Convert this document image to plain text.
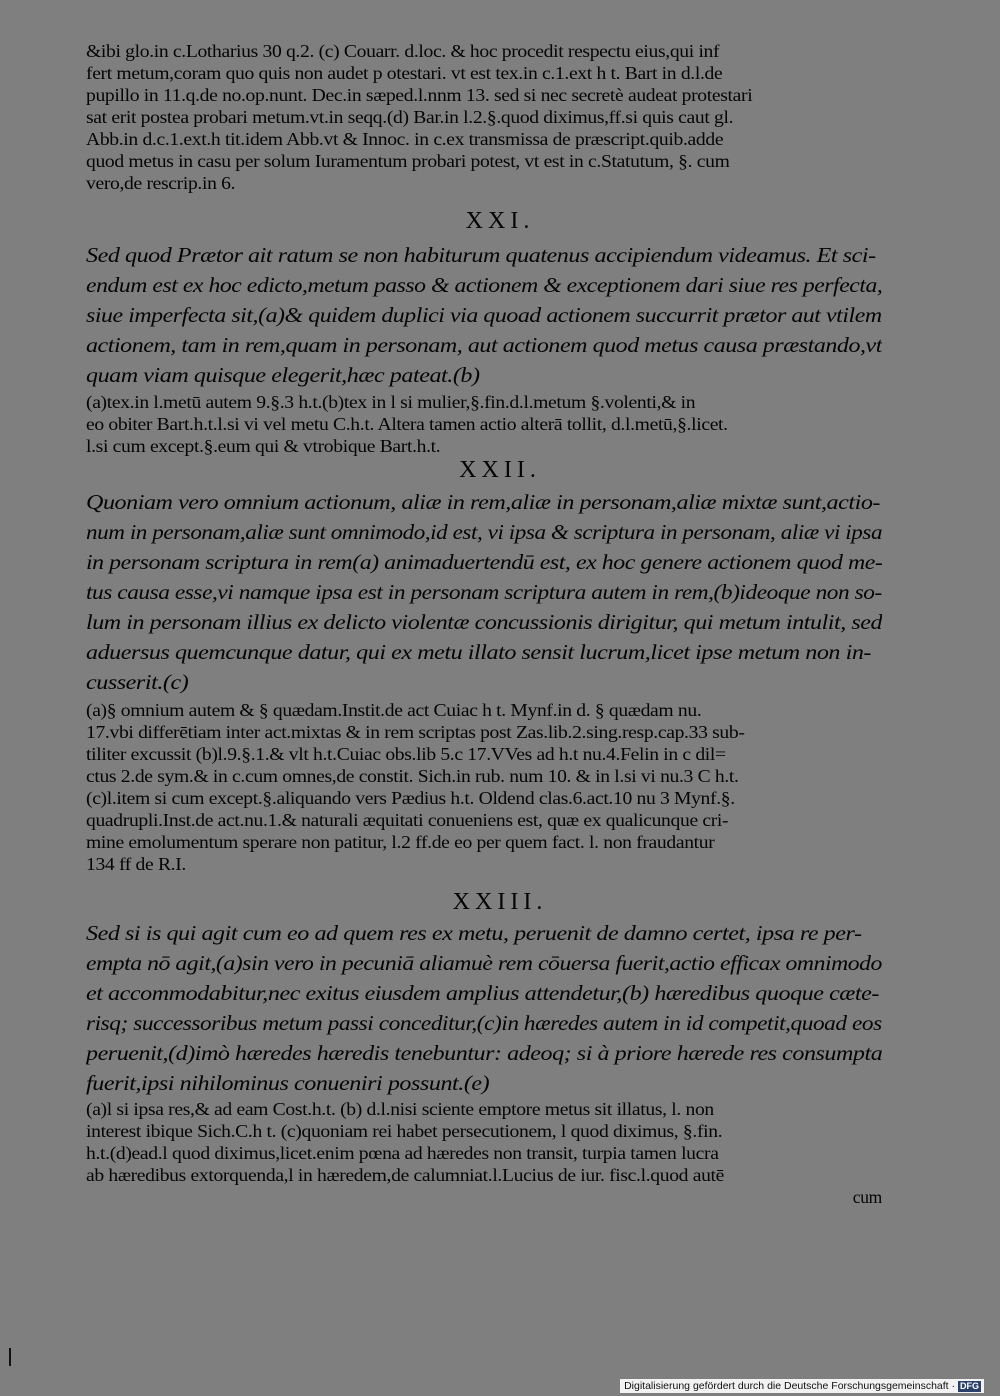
&ibi glo.in c.Lotharius 30 q.2. (c) Couarr. d.loc. & hoc procedit respectu eius,qui inf
fert metum,coram quo quis non audet p otestari. vt est tex.in c.1.ext h t. Bart in d.l.de
pupillo in 11.q.de no.op.nunt. Dec.in sæped.l.nnm 13. sed si nec secretè audeat protestari
sat erit postea probari metum.vt.in seqq.(d) Bar.in l.2.§.quod diximus,ff.si quis caut gl.
Abb.in d.c.1.ext.h tit.idem Abb.vt & Innoc. in c.ex transmissa de præscript.quib.adde
quod metus in casu per solum Iuramentum probari potest, vt est in c.Statutum, §. cum
vero,de rescrip.in 6.
XXI.
Sed quod Prætor ait ratum se non habiturum quatenus accipiendum videamus. Et sci-
endum est ex hoc edicto,metum passo & actionem & exceptionem dari siue res perfecta,
siue imperfecta sit,(a)& quidem duplici via quoad actionem succurrit prætor aut vtilem
actionem, tam in rem,quam in personam, aut actionem quod metus causa præstando,vt
quam viam quisque elegerit,hæc pateat.(b)
(a)tex.in l.metū autem 9.§.3 h.t.(b)tex in l si mulier,§.fin.d.l.metum §.volenti,& in
eo obiter Bart.h.t.l.si vi vel metu C.h.t. Altera tamen actio alterā tollit, d.l.metū,§.licet.
l.si cum except.§.eum qui & vtrobique Bart.h.t.
XXII.
Quoniam vero omnium actionum, aliæ in rem,aliæ in personam,aliæ mixtæ sunt,actio-
num in personam,aliæ sunt omnimodo,id est, vi ipsa & scriptura in personam, aliæ vi ipsa
in personam scriptura in rem(a) animaduertendū est, ex hoc genere actionem quod me-
tus causa esse,vi namque ipsa est in personam scriptura autem in rem,(b)ideoque non so-
lum in personam illius ex delicto violentæ concussionis dirigitur, qui metum intulit, sed
aduersus quemcunque datur, qui ex metu illato sensit lucrum,licet ipse metum non in-
cusserit.(c)
(a)§ omnium autem & § quædam.Instit.de act Cuiac h t. Mynf.in d. § quædam nu.
17.vbi differētiam inter act.mixtas & in rem scriptas post Zas.lib.2.sing.resp.cap.33 sub-
tiliter excussit (b)l.9.§.1.& vlt h.t.Cuiac obs.lib 5.c 17.VVes ad h.t nu.4.Felin in c dil=
ctus 2.de sym.& in c.cum omnes,de constit. Sich.in rub. num 10. & in l.si vi nu.3 C h.t.
(c)l.item si cum except.§.aliquando vers Pædius h.t. Oldend clas.6.act.10 nu 3 Mynf.§.
quadrupli.Inst.de act.nu.1.& naturali æquitati conueniens est, quæ ex qualicunque cri-
mine emolumentum sperare non patitur, l.2 ff.de eo per quem fact. l. non fraudantur
134 ff de R.I.
XXIII.
Sed si is qui agit cum eo ad quem res ex metu, peruenit de damno certet, ipsa re per-
empta nō agit,(a)sin vero in pecuniā aliamuè rem cōuersa fuerit,actio efficax omnimodo
et accommodabitur,nec exitus eiusdem amplius attendetur,(b) hæredibus quoque cæte-
risq; successoribus metum passi conceditur,(c)in hæredes autem in id competit,quoad eos
peruenit,(d)imò hæredes hæredis tenebuntur: adeoq; si à priore hærede res consumpta
fuerit,ipsi nihilominus conueniri possunt.(e)
(a)l si ipsa res,& ad eam Cost.h.t. (b) d.l.nisi sciente emptore metus sit illatus, l. non
interest ibique Sich.C.h t. (c)quoniam rei habet persecutionem, l quod diximus, §.fin.
h.t.(d)ead.l quod diximus,licet.enim pœna ad hæredes non transit, turpia tamen lucra
ab hæredibus extorquenda,l in hæredem,de calumniat.l.Lucius de iur. fisc.l.quod autē
cum
Digitalisierung gefördert durch die Deutsche Forschungsgemeinschaft · DFG
